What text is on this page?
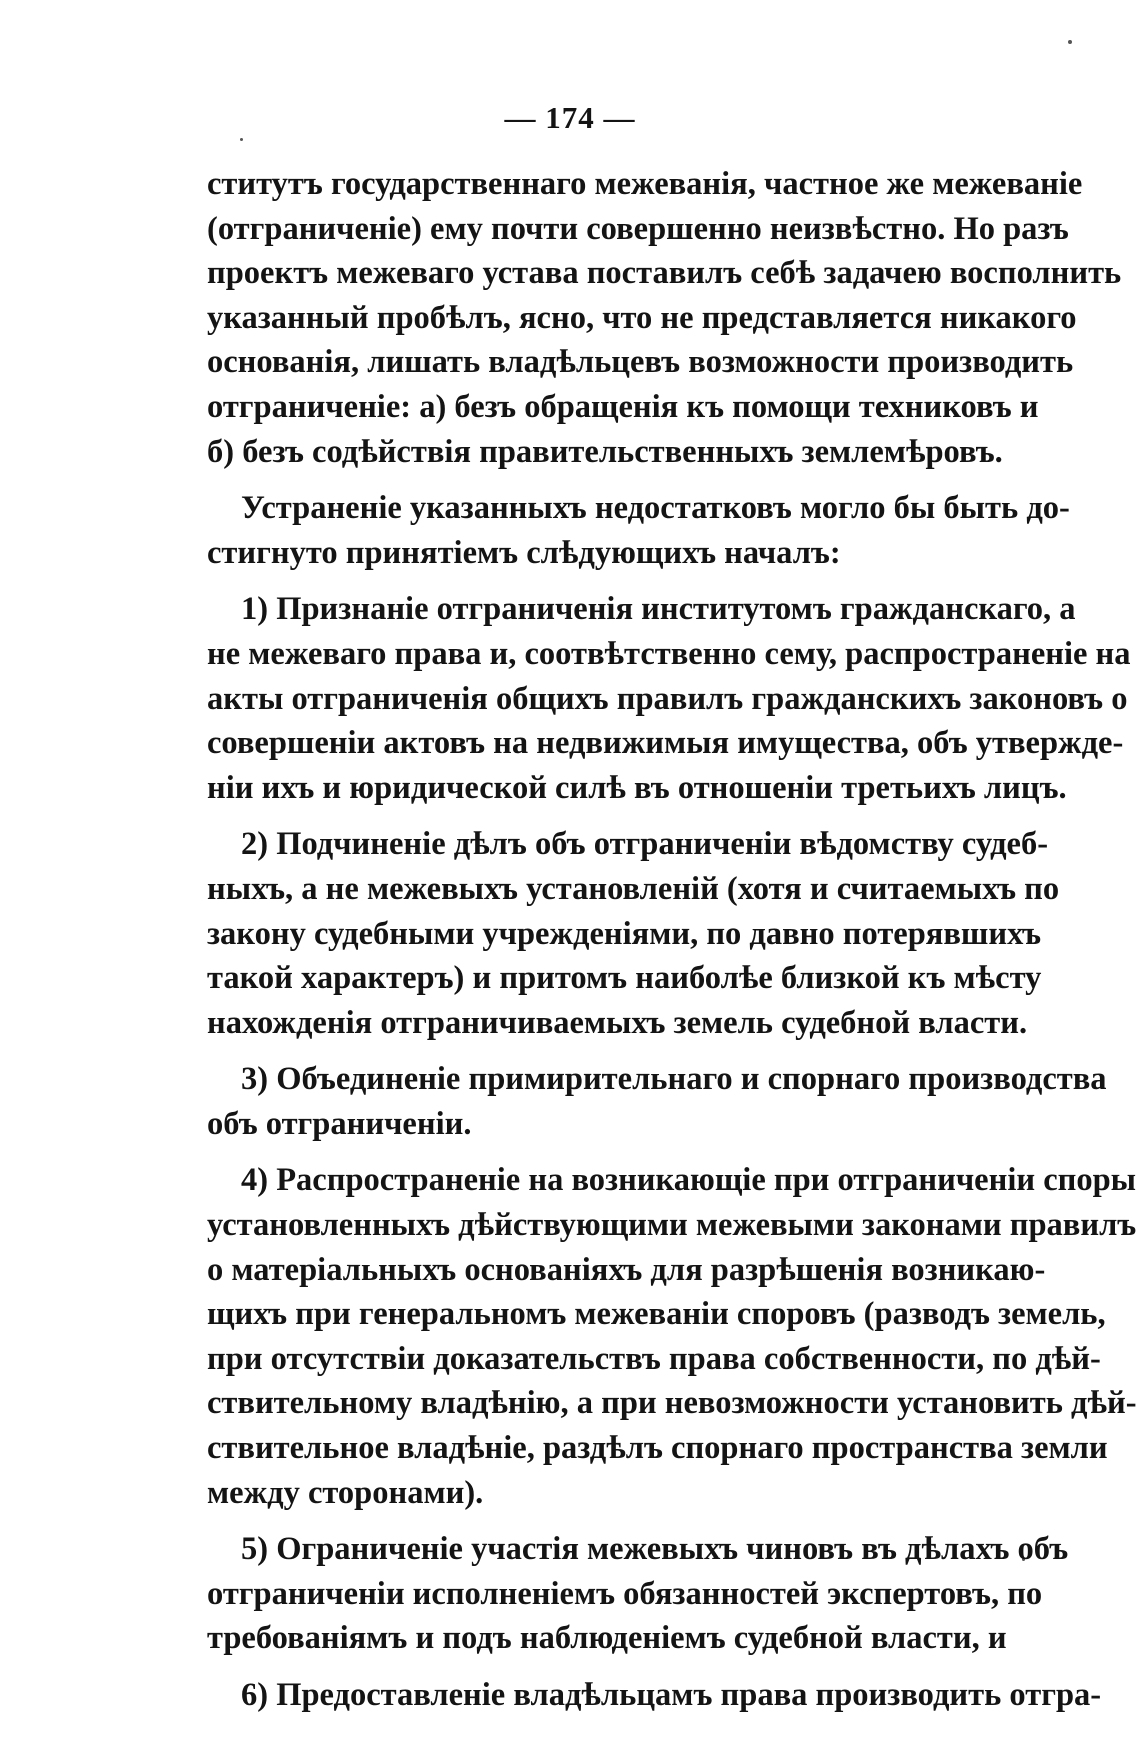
— 174 —
ститутъ государственнаго межеванія, частное же межеваніе
(отграниченіе) ему почти совершенно неизвѣстно. Но разъ
проектъ межеваго устава поставилъ себѣ задачею восполнить
указанный пробѣлъ, ясно, что не представляется никакого
основанія, лишать владѣльцевъ возможности производить
отграниченіе: а) безъ обращенія къ помощи техниковъ и
б) безъ содѣйствія правительственныхъ землемѣровъ.
Устраненіе указанныхъ недостатковъ могло бы быть до-
стигнуто принятіемъ слѣдующихъ началъ:
1) Признаніе отграниченія институтомъ гражданскаго, а
не межеваго права и, соотвѣтственно сему, распространеніе на
акты отграниченія общихъ правилъ гражданскихъ законовъ о
совершеніи актовъ на недвижимыя имущества, объ утвержде-
ніи ихъ и юридической силѣ въ отношеніи третьихъ лицъ.
2) Подчиненіе дѣлъ объ отграниченіи вѣдомству судеб-
ныхъ, а не межевыхъ установленій (хотя и считаемыхъ по
закону судебными учрежденіями, по давно потерявшихъ
такой характеръ) и притомъ наиболѣе близкой къ мѣсту
нахожденія отграничиваемыхъ земель судебной власти.
3) Объединеніе примирительнаго и спорнаго производства
объ отграниченіи.
4) Распространеніе на возникающіе при отграниченіи споры
установленныхъ дѣйствующими межевыми законами правилъ
о матеріальныхъ основаніяхъ для разрѣшенія возникаю-
щихъ при генеральномъ межеваніи споровъ (разводъ земель,
при отсутствіи доказательствъ права собственности, по дѣй-
ствительному владѣнію, а при невозможности установить дѣй-
ствительное владѣніе, раздѣлъ спорнаго пространства земли
между сторонами).
5) Ограниченіе участія межевыхъ чиновъ въ дѣлахъ объ
отграниченіи исполненіемъ обязанностей экспертовъ, по
требованіямъ и подъ наблюденіемъ судебной власти, и
6) Предоставленіе владѣльцамъ права производить отгра-
